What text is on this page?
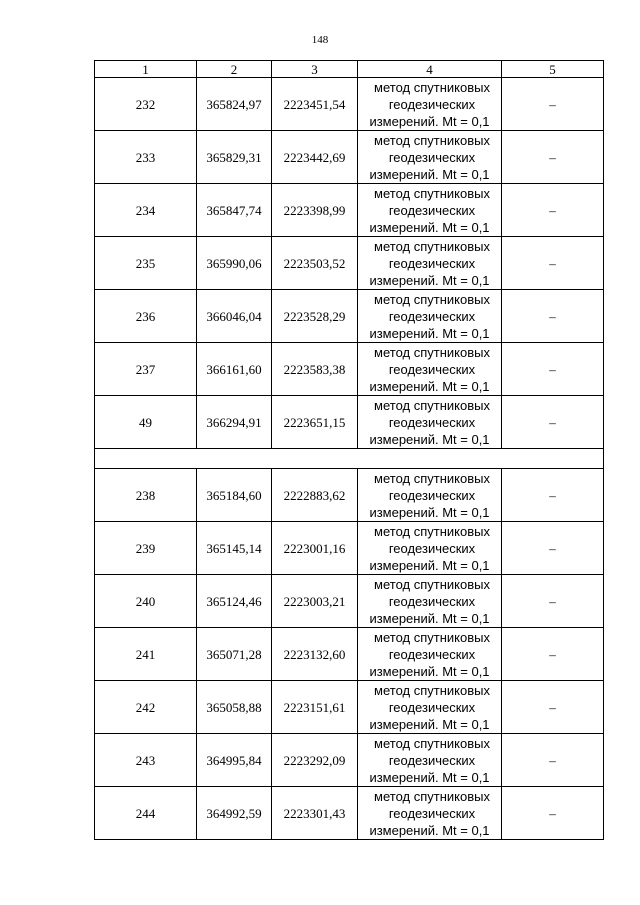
148
1	2	3	4	5
232	365824,97	2223451,54	метод спутниковых
геодезических
измерений. Mt = 0,1	–
233	365829,31	2223442,69	метод спутниковых
геодезических
измерений. Mt = 0,1	–
234	365847,74	2223398,99	метод спутниковых
геодезических
измерений. Mt = 0,1	–
235	365990,06	2223503,52	метод спутниковых
геодезических
измерений. Mt = 0,1	–
236	366046,04	2223528,29	метод спутниковых
геодезических
измерений. Mt = 0,1	–
237	366161,60	2223583,38	метод спутниковых
геодезических
измерений. Mt = 0,1	–
49	366294,91	2223651,15	метод спутниковых
геодезических
измерений. Mt = 0,1	–

238	365184,60	2222883,62	метод спутниковых
геодезических
измерений. Mt = 0,1	–
239	365145,14	2223001,16	метод спутниковых
геодезических
измерений. Mt = 0,1	–
240	365124,46	2223003,21	метод спутниковых
геодезических
измерений. Mt = 0,1	–
241	365071,28	2223132,60	метод спутниковых
геодезических
измерений. Mt = 0,1	–
242	365058,88	2223151,61	метод спутниковых
геодезических
измерений. Mt = 0,1	–
243	364995,84	2223292,09	метод спутниковых
геодезических
измерений. Mt = 0,1	–
244	364992,59	2223301,43	метод спутниковых
геодезических
измерений. Mt = 0,1	–
